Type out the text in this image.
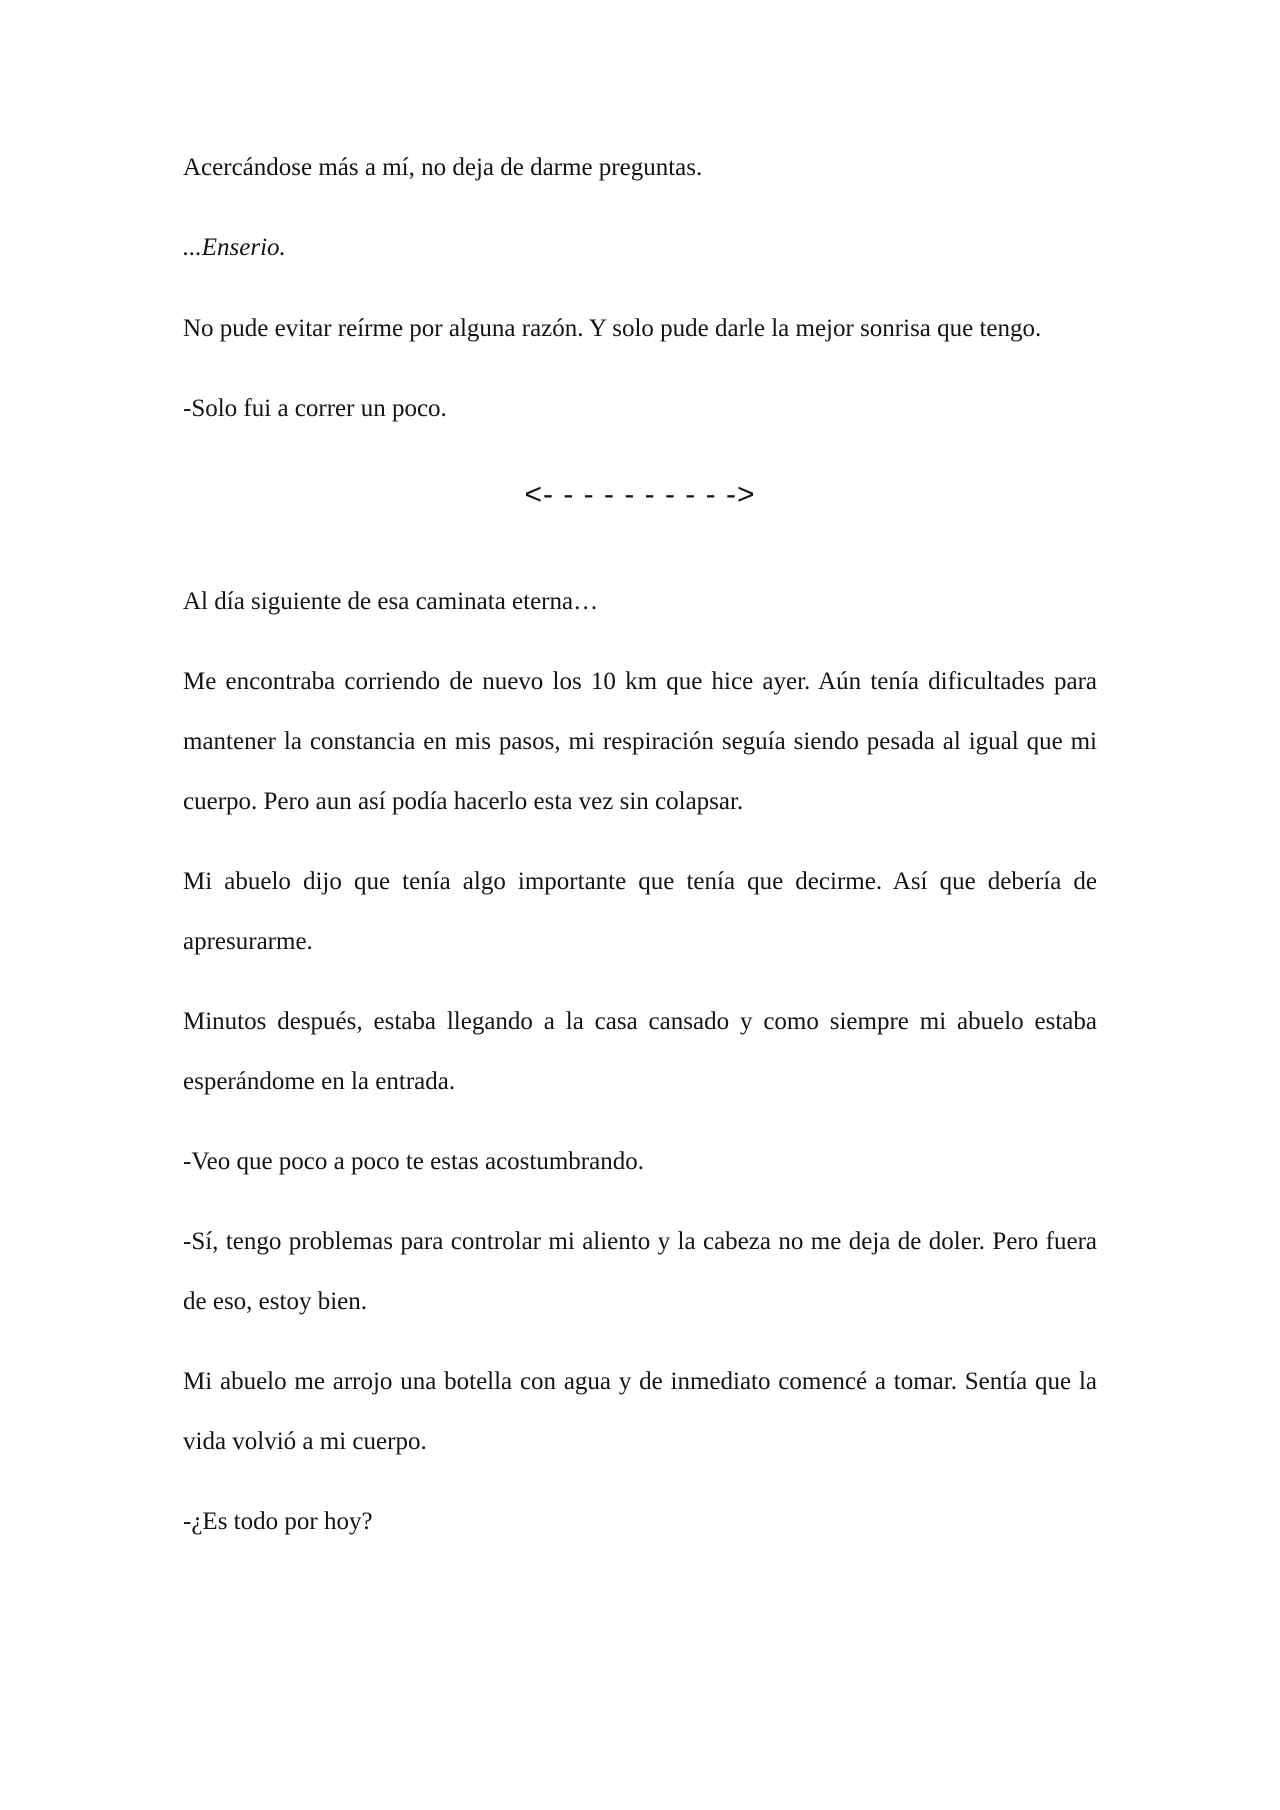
Acercándose más a mí, no deja de darme preguntas.

...Enserio.

No pude evitar reírme por alguna razón. Y solo pude darle la mejor sonrisa que tengo.

-Solo fui a correr un poco.

Al día siguiente de esa caminata eterna…

Me encontraba corriendo de nuevo los 10 km que hice ayer. Aún tenía dificultades para mantener la constancia en mis pasos, mi respiración seguía siendo pesada al igual que mi cuerpo. Pero aun así podía hacerlo esta vez sin colapsar.

Mi abuelo dijo que tenía algo importante que tenía que decirme. Así que debería de apresurarme.

Minutos después, estaba llegando a la casa cansado y como siempre mi abuelo estaba esperándome en la entrada.

-Veo que poco a poco te estas acostumbrando.

-Sí, tengo problemas para controlar mi aliento y la cabeza no me deja de doler. Pero fuera de eso, estoy bien.

Mi abuelo me arrojo una botella con agua y de inmediato comencé a tomar. Sentía que la vida volvió a mi cuerpo.

-¿Es todo por hoy?

<- - - - - - - - - ->
